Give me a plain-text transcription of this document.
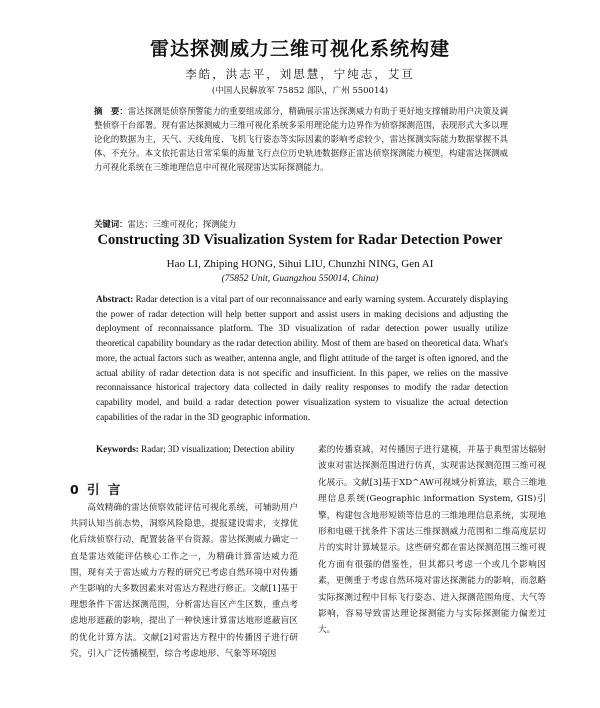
雷达探测威力三维可视化系统构建
李皓，洪志平，刘思慧，宁纯志，艾亘
(中国人民解放军 75852 部队，广州 550014)
摘　要：雷达探测是侦察预警能力的重要组成部分，精确展示雷达探测威力有助于更好地支撑辅助用户决策及调整侦察干台部署。现有雷达探测威力三维可视化系统多采用理论能力边界作为侦察探测范围，表现形式大多以理论化的数据为主，天气、天线角度、飞机飞行姿态等实际因素的影响考虑较少，雷达探测实际能力数据掌握不具体、不充分。本文依托雷达日常采集的海量飞行点位历史轨迹数据修正雷达侦察探测能力模型，构建雷达探测威力可视化系统在三维地理信息中可视化展现雷达实际探测能力。
关键词：雷达；三维可视化；探测能力
Constructing 3D Visualization System for Radar Detection Power
Hao LI, Zhiping HONG, Sihui LIU, Chunzhi NING, Gen AI
(75852 Unit, Guangzhou 550014, China)
Abstract: Radar detection is a vital part of our reconnaissance and early warning system. Accurately displaying the power of radar detection will help better support and assist users in making decisions and adjusting the deployment of reconnaissance platform. The 3D visualization of radar detection power usually utilize theoretical capability boundary as the radar detection ability. Most of them are based on theoretical data. What's more, the actual factors such as weather, antenna angle, and flight attitude of the target is often ignored, and the actual ability of radar detection data is not specific and insufficient. In this paper, we relies on the massive reconnaissance historical trajectory data collected in daily reality responses to modify the radar detection capability model, and build a radar detection power visualization system to visualize the actual detection capabilities of the radar in the 3D geographic information.
Keywords: Radar; 3D visualization; Detection ability
0 引 言
高效精确的雷达侦察效能评估可视化系统，可辅助用户共同认知当前态势，洞察风险隐患，提报建设需求，支撑优化后续侦察行动，配置装备平台资源。雷达探测威力确定一直是雷达效能评估核心工作之一，为精确计算雷达威力范围，现有关于雷达威力方程的研究已考虑自然环境中对传播产生影响的大多数因素来对雷达方程进行修正。文献[1]基于理想条件下雷达探测范围，分析雷达盲区产生区数，重点考虑地形遮蔽的影响，提出了一种快速计算雷达地形遮蔽盲区的优化计算方法。文献[2]对雷达方程中的传播因子进行研究，引入广泛传播模型，综合考虑地形、气象等环境因
素的传播衰减，对传播因子进行建模，并基于典型雷达辐射波束对雷达探测范围进行仿真，实现雷达探测范围三维可视化展示。文献[3]基于XD^AW可视域分析算法，联合三维地理信息系统(Geographic information System, GIS)引擎，构建包含地形短锁等信息的三维地理信息系统，实现地形和电磁干扰条件下雷达三维探测威力范围和二维高度层切片的实时计算域显示。这些研究都在雷达探测范围三维可视化方面有很强的借鉴性，但其都只考虑一个或几个影响因素，更侧重于考虑自然环境对雷达探测能力的影响，而忽略实际探测过程中目标飞行姿态、进入探测范围角度、大气等影响，容易导致雷达理论探测能力与实际探测能力偏差过大。
